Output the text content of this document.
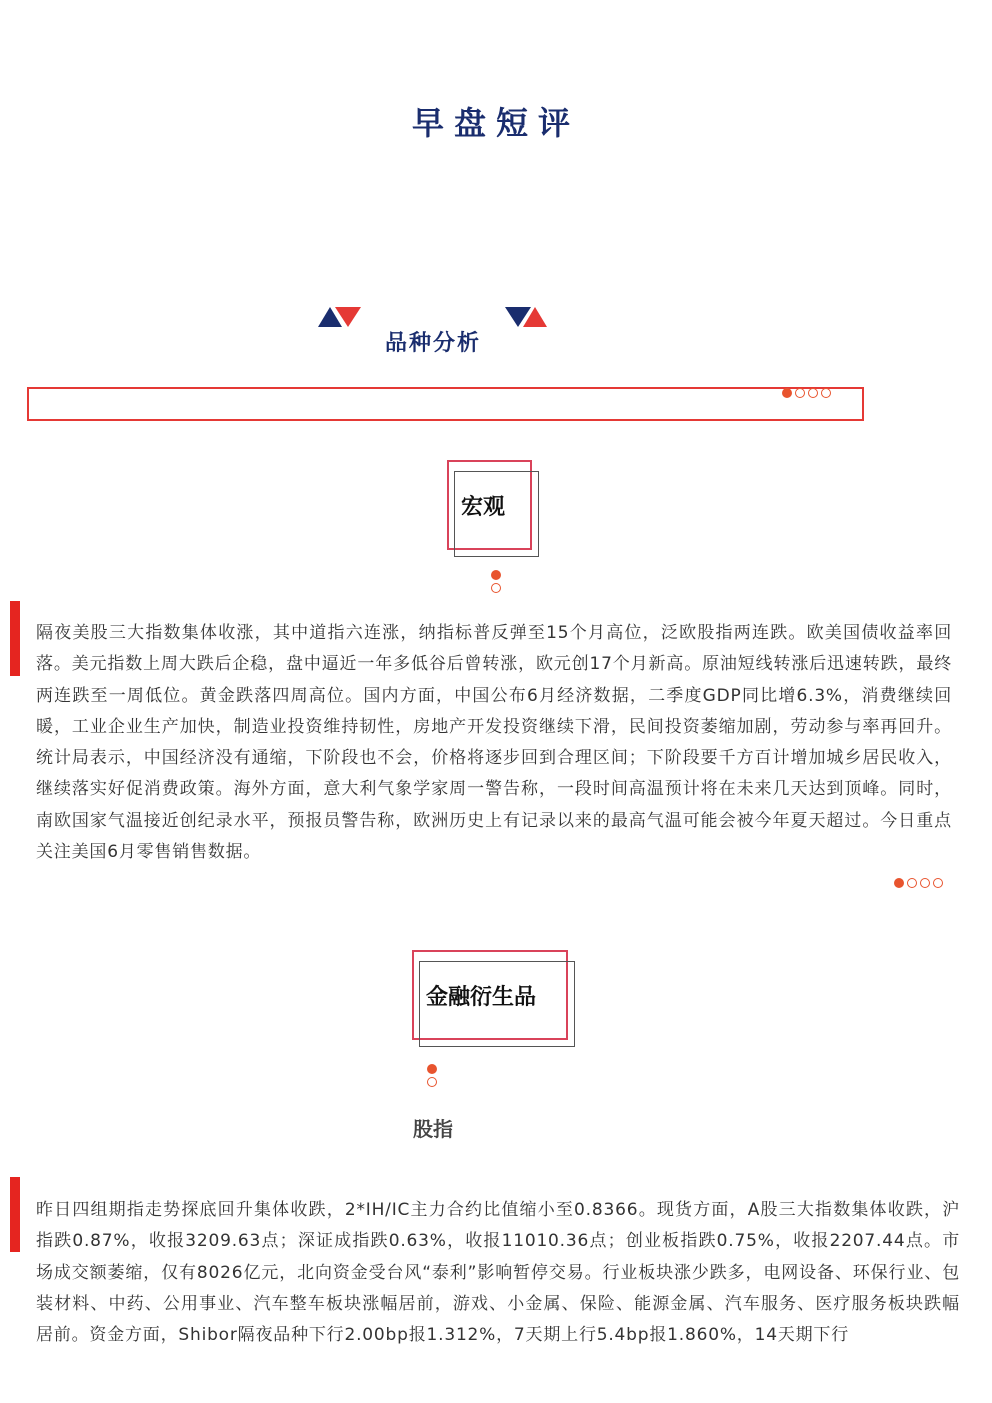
早盘短评
品种分析
宏观
隔夜美股三大指数集体收涨，其中道指六连涨，纳指标普反弹至15个月高位，泛欧股指两连跌。欧美国债收益率回落。美元指数上周大跌后企稳，盘中逼近一年多低谷后曾转涨，欧元创17个月新高。原油短线转涨后迅速转跌，最终两连跌至一周低位。黄金跌落四周高位。国内方面，中国公布6月经济数据，二季度GDP同比增6.3%，消费继续回暖，工业企业生产加快，制造业投资维持韧性，房地产开发投资继续下滑，民间投资萎缩加剧，劳动参与率再回升。统计局表示，中国经济没有通缩，下阶段也不会，价格将逐步回到合理区间；下阶段要千方百计增加城乡居民收入，继续落实好促消费政策。海外方面，意大利气象学家周一警告称，一段时间高温预计将在未来几天达到顶峰。同时，南欧国家气温接近创纪录水平，预报员警告称，欧洲历史上有记录以来的最高气温可能会被今年夏天超过。今日重点关注美国6月零售销售数据。
金融衍生品
股指
昨日四组期指走势探底回升集体收跌，2*IH/IC主力合约比值缩小至0.8366。现货方面，A股三大指数集体收跌，沪指跌0.87%，收报3209.63点；深证成指跌0.63%，收报11010.36点；创业板指跌0.75%，收报2207.44点。市场成交额萎缩，仅有8026亿元，北向资金受台风“泰利”影响暂停交易。行业板块涨少跌多，电网设备、环保行业、包装材料、中药、公用事业、汽车整车板块涨幅居前，游戏、小金属、保险、能源金属、汽车服务、医疗服务板块跌幅居前。资金方面，Shibor隔夜品种下行2.00bp报1.312%，7天期上行5.4bp报1.860%，14天期下行
